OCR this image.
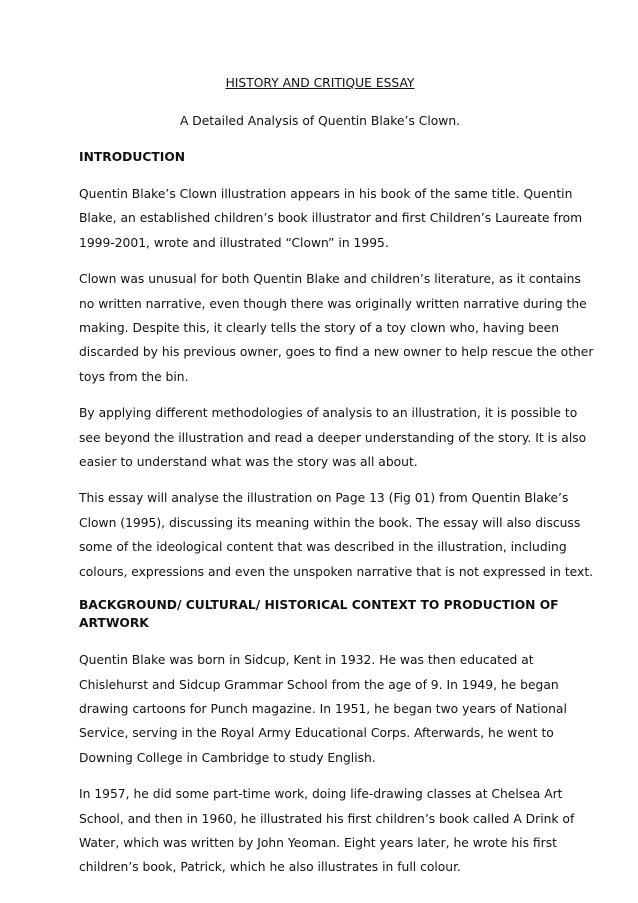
HISTORY AND CRITIQUE ESSAY
A Detailed Analysis of Quentin Blake’s Clown.
INTRODUCTION
Quentin Blake’s Clown illustration appears in his book of the same title. Quentin
Blake, an established children’s book illustrator and first Children’s Laureate from
1999-2001, wrote and illustrated “Clown” in 1995.
Clown was unusual for both Quentin Blake and children’s literature, as it contains
no written narrative, even though there was originally written narrative during the
making. Despite this, it clearly tells the story of a toy clown who, having been
discarded by his previous owner, goes to find a new owner to help rescue the other
toys from the bin.
By applying different methodologies of analysis to an illustration, it is possible to
see beyond the illustration and read a deeper understanding of the story. It is also
easier to understand what was the story was all about.
This essay will analyse the illustration on Page 13 (Fig 01) from Quentin Blake’s
Clown (1995), discussing its meaning within the book. The essay will also discuss
some of the ideological content that was described in the illustration, including
colours, expressions and even the unspoken narrative that is not expressed in text.
BACKGROUND/ CULTURAL/ HISTORICAL CONTEXT TO PRODUCTION OF ARTWORK
Quentin Blake was born in Sidcup, Kent in 1932. He was then educated at
Chislehurst and Sidcup Grammar School from the age of 9. In 1949, he began
drawing cartoons for Punch magazine. In 1951, he began two years of National
Service, serving in the Royal Army Educational Corps. Afterwards, he went to
Downing College in Cambridge to study English.
In 1957, he did some part-time work, doing life-drawing classes at Chelsea Art
School, and then in 1960, he illustrated his first children’s book called A Drink of
Water, which was written by John Yeoman. Eight years later, he wrote his first
children’s book, Patrick, which he also illustrates in full colour.
